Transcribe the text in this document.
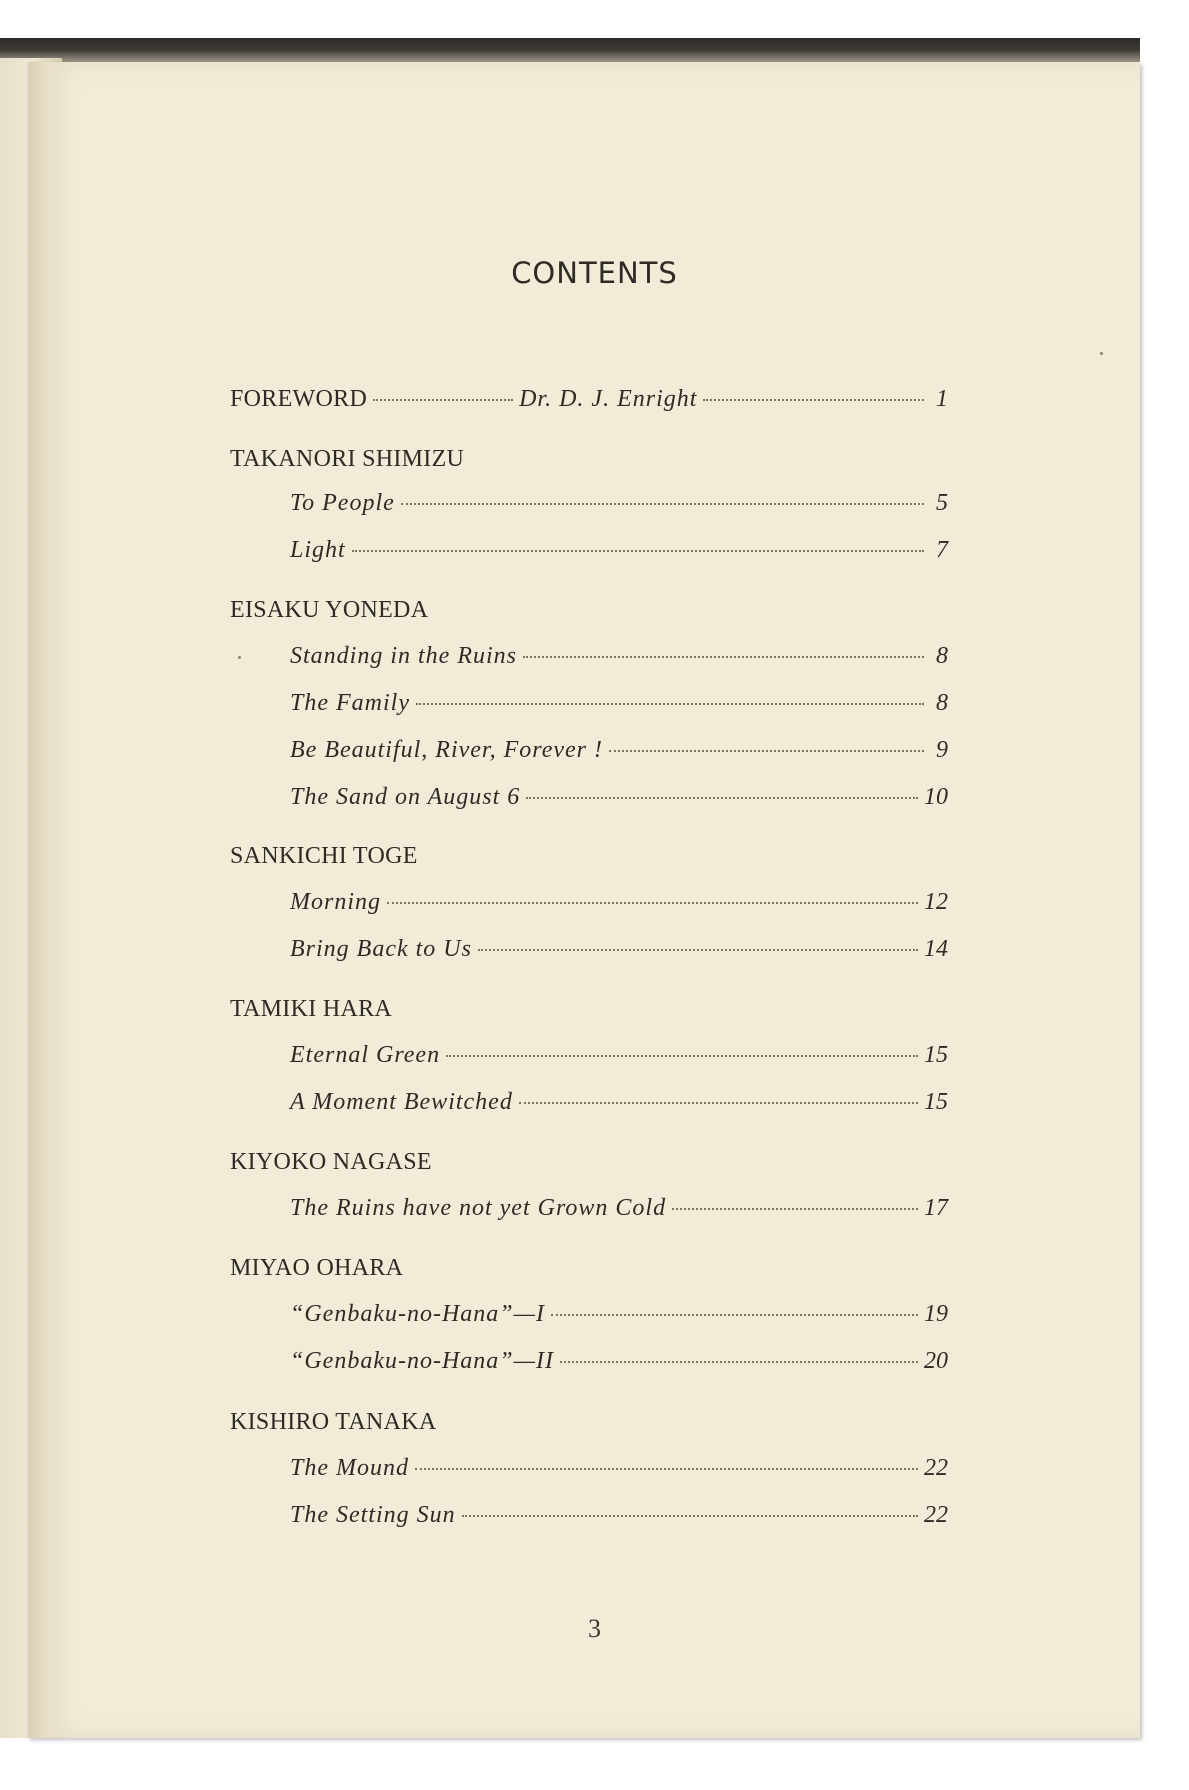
CONTENTS
FOREWORD	Dr. D. J. Enright	1
TAKANORI SHIMIZU
To People	5
Light	7
EISAKU YONEDA
Standing in the Ruins	8
The Family	8
Be Beautiful, River, Forever !	9
The Sand on August 6	10
SANKICHI TOGE
Morning	12
Bring Back to Us	14
TAMIKI HARA
Eternal Green	15
A Moment Bewitched	15
KIYOKO NAGASE
The Ruins have not yet Grown Cold	17
MIYAO OHARA
“Genbaku-no-Hana”—I	19
“Genbaku-no-Hana”—II	20
KISHIRO TANAKA
The Mound	22
The Setting Sun	22
3
